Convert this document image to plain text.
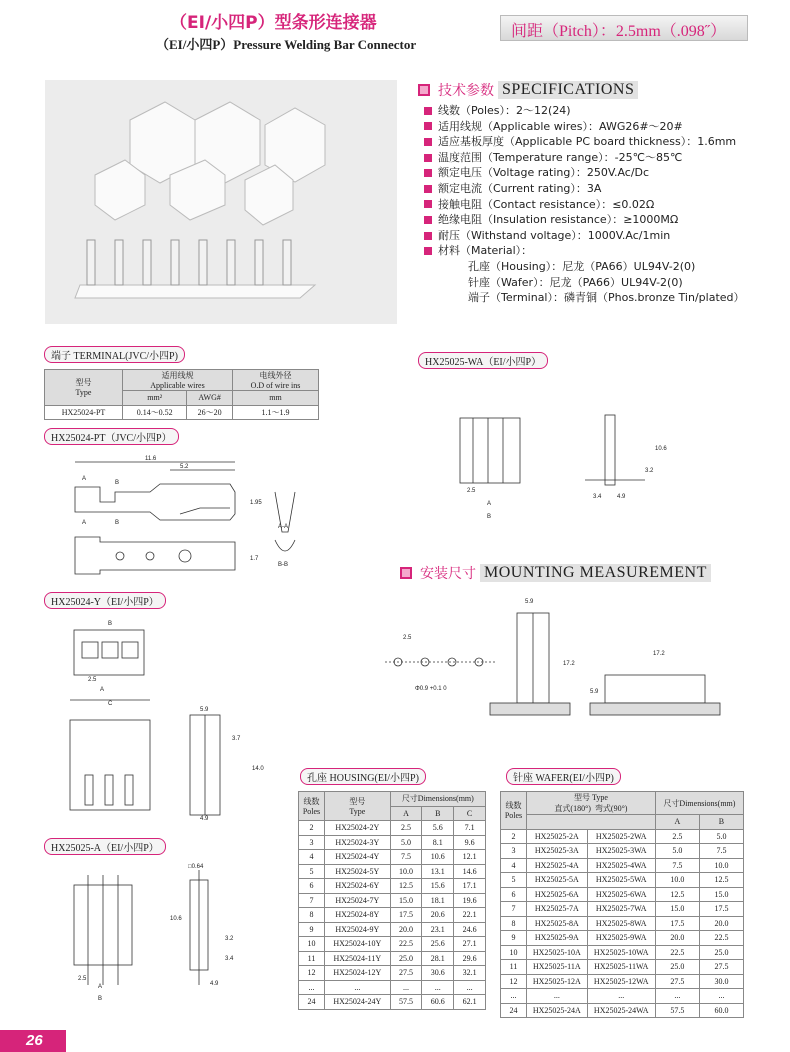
（EI/小四P）型条形连接器
（EI/小四P）Pressure Welding Bar Connector
间距（Pitch）：2.5mm（.098˝）
技术参数 SPECIFICATIONS
线数（Poles）：2～12(24)
适用线规（Applicable wires）：AWG26#～20#
适应基板厚度（Applicable PC board thickness）：1.6mm
温度范围（Temperature range）：-25℃～85℃
额定电压（Voltage rating）：250V.Ac/Dc
额定电流（Current rating）：3A
接触电阻（Contact resistance）：≤0.02Ω
绝缘电阻（Insulation resistance）：≥1000MΩ
耐压（Withstand voltage）：1000V.Ac/1min
材料（Material）：
孔座（Housing）：尼龙（PA66）UL94V-2(0)
针座（Wafer）：尼龙（PA66）UL94V-2(0)
端子（Terminal）：磷青铜（Phos.bronze Tin/plated）
端子 TERMINAL(JVC/小四P)
型号
Type	适用线规
Applicable wires		电线外径
O.D of wire ins
	mm²	AWG#	mm
HX25024-PT	0.14～0.52	26～20	1.1～1.9
HX25024-PT（JVC/小四P）
11.6
5.2
1.95
1.7
A
B
A	B
A-A
B-B
HX25024-Y（EI/小四P）
B
2.5
A
C
5.9
3.7
14.0
4.9
HX25025-A（EI/小四P）
□0.64
10.6
3.2
3.4
4.9
2.5
A
B
HX25025-WA（EI/小四P）
2.5
A
B
10.6
3.2
3.4	4.9
安装尺寸 MOUNTING MEASUREMENT
2.5
Φ0.9 +0.1 0
5.9
17.2
17.2
5.9
孔座 HOUSING(EI/小四P)
线数
Poles	型号
Type	尺寸Dimensions(mm)		
		A	B	C
2	HX25024-2Y	2.5	5.6	7.1
3	HX25024-3Y	5.0	8.1	9.6
4	HX25024-4Y	7.5	10.6	12.1
5	HX25024-5Y	10.0	13.1	14.6
6	HX25024-6Y	12.5	15.6	17.1
7	HX25024-7Y	15.0	18.1	19.6
8	HX25024-8Y	17.5	20.6	22.1
9	HX25024-9Y	20.0	23.1	24.6
10	HX25024-10Y	22.5	25.6	27.1
11	HX25024-11Y	25.0	28.1	29.6
12	HX25024-12Y	27.5	30.6	32.1
...	...	...	...	...
24	HX25024-24Y	57.5	60.6	62.1
针座 WAFER(EI/小四P)
线数
Poles	型号 Type
直式(180°) 弯式(90°)		尺寸Dimensions(mm)	
			A	B
2	HX25025-2A	HX25025-2WA	2.5	5.0
3	HX25025-3A	HX25025-3WA	5.0	7.5
4	HX25025-4A	HX25025-4WA	7.5	10.0
5	HX25025-5A	HX25025-5WA	10.0	12.5
6	HX25025-6A	HX25025-6WA	12.5	15.0
7	HX25025-7A	HX25025-7WA	15.0	17.5
8	HX25025-8A	HX25025-8WA	17.5	20.0
9	HX25025-9A	HX25025-9WA	20.0	22.5
10	HX25025-10A	HX25025-10WA	22.5	25.0
11	HX25025-11A	HX25025-11WA	25.0	27.5
12	HX25025-12A	HX25025-12WA	27.5	30.0
...	...	...	...	...
24	HX25025-24A	HX25025-24WA	57.5	60.0
26
